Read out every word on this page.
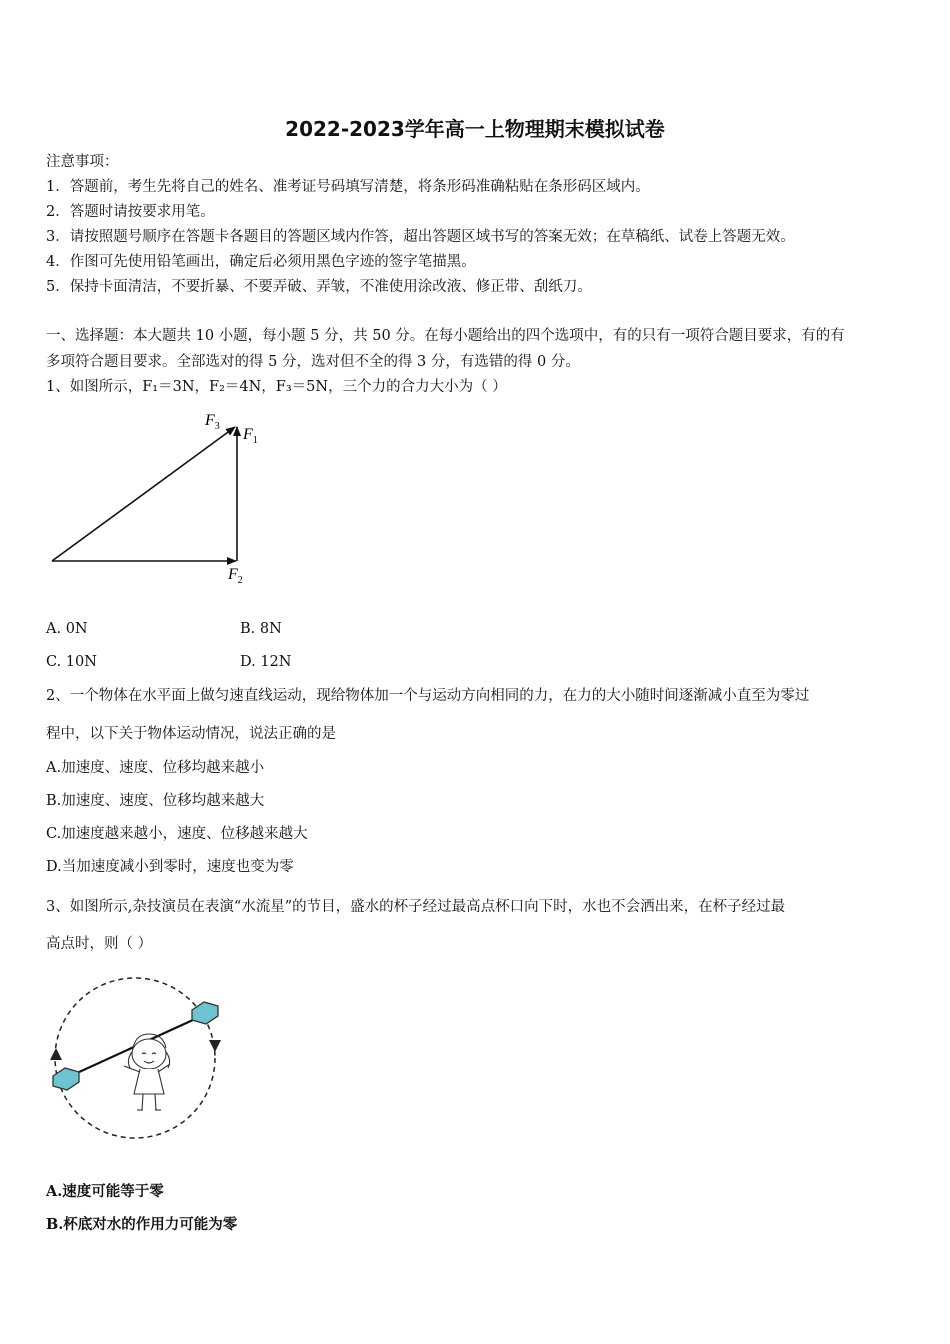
2022-2023学年高一上物理期末模拟试卷
注意事项：
1．答题前，考生先将自己的姓名、准考证号码填写清楚，将条形码准确粘贴在条形码区域内。
2．答题时请按要求用笔。
3．请按照题号顺序在答题卡各题目的答题区域内作答，超出答题区域书写的答案无效；在草稿纸、试卷上答题无效。
4．作图可先使用铅笔画出，确定后必须用黑色字迹的签字笔描黑。
5．保持卡面清洁，不要折暴、不要弄破、弄皱，不准使用涂改液、修正带、刮纸刀。
一、选择题：本大题共 10 小题，每小题 5 分，共 50 分。在每小题给出的四个选项中，有的只有一项符合题目要求，有的有
多项符合题目要求。全部选对的得 5 分，选对但不全的得 3 分，有选错的得 0 分。
1、如图所示，F₁＝3N，F₂＝4N，F₃＝5N，三个力的合力大小为（ ）
$F_3$ $F_1$
$F_2$
A. 0N	B. 8N
C. 10N	D. 12N
2、一个物体在水平面上做匀速直线运动，现给物体加一个与运动方向相同的力，在力的大小随时间逐渐减小直至为零过
程中，以下关于物体运动情况，说法正确的是
A.加速度、速度、位移均越来越小
B.加速度、速度、位移均越来越大
C.加速度越来越小，速度、位移越来越大
D.当加速度减小到零时，速度也变为零
3、如图所示,杂技演员在表演“水流星”的节目，盛水的杯子经过最高点杯口向下时，水也不会洒出来，在杯子经过最
高点时，则（ ）
A.速度可能等于零
B.杯底对水的作用力可能为零
